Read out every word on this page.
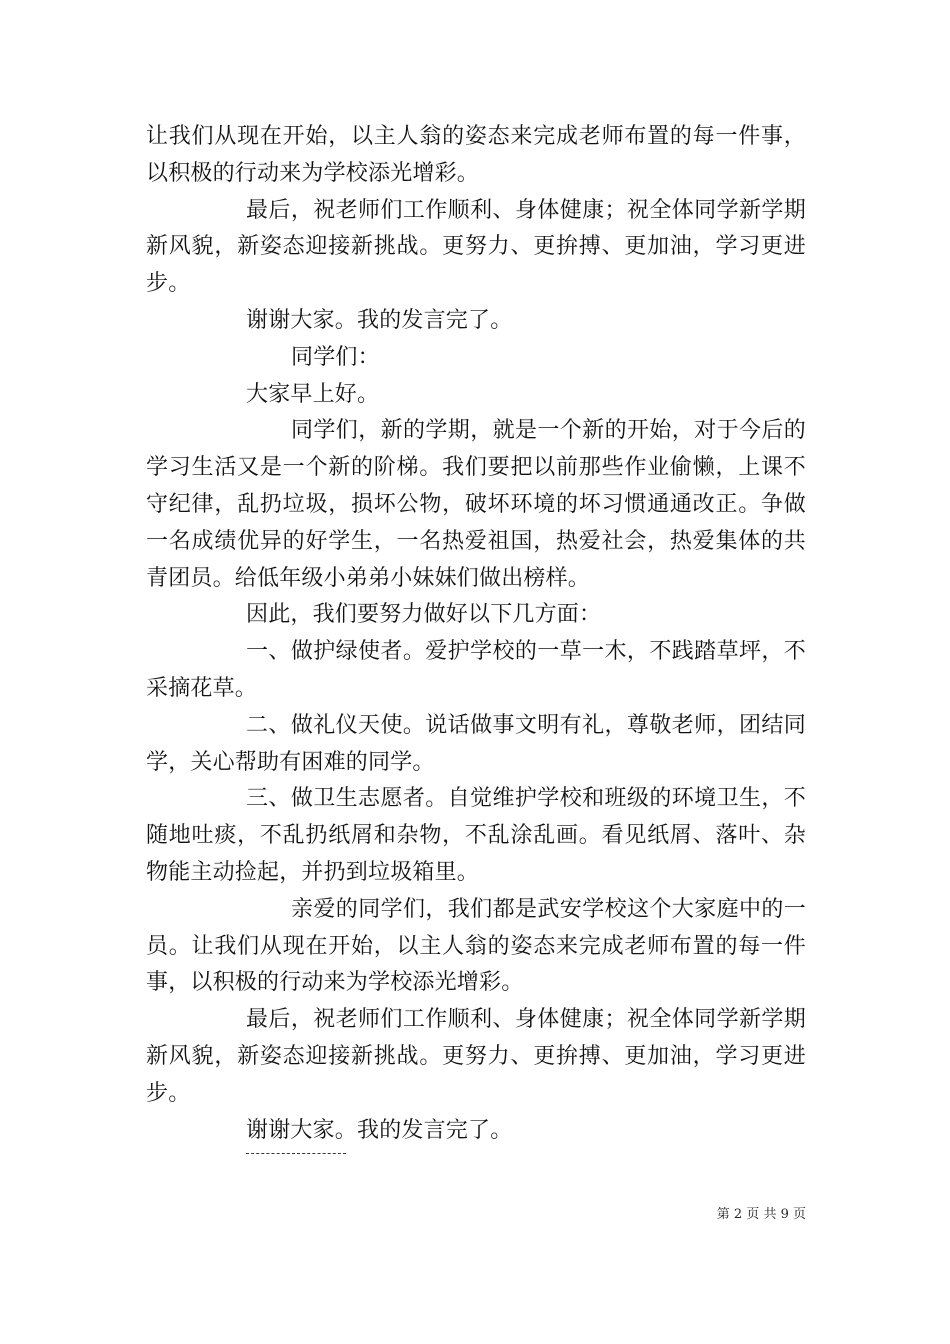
让我们从现在开始，以主人翁的姿态来完成老师布置的每一件事，以积极的行动来为学校添光增彩。

最后，祝老师们工作顺利、身体健康；祝全体同学新学期新风貌，新姿态迎接新挑战。更努力、更拚搏、更加油，学习更进步。

谢谢大家。我的发言完了。

同学们：

大家早上好。

同学们，新的学期，就是一个新的开始，对于今后的学习生活又是一个新的阶梯。我们要把以前那些作业偷懒，上课不守纪律，乱扔垃圾，损坏公物，破坏环境的坏习惯通通改正。争做一名成绩优异的好学生，一名热爱祖国，热爱社会，热爱集体的共青团员。给低年级小弟弟小妹妹们做出榜样。

因此，我们要努力做好以下几方面：

一、做护绿使者。爱护学校的一草一木，不践踏草坪，不采摘花草。

二、做礼仪天使。说话做事文明有礼，尊敬老师，团结同学，关心帮助有困难的同学。

三、做卫生志愿者。自觉维护学校和班级的环境卫生，不随地吐痰，不乱扔纸屑和杂物，不乱涂乱画。看见纸屑、落叶、杂物能主动捡起，并扔到垃圾箱里。

亲爱的同学们，我们都是武安学校这个大家庭中的一员。让我们从现在开始，以主人翁的姿态来完成老师布置的每一件事，以积极的行动来为学校添光增彩。

最后，祝老师们工作顺利、身体健康；祝全体同学新学期新风貌，新姿态迎接新挑战。更努力、更拚搏、更加油，学习更进步。

谢谢大家。我的发言完了。

第 2 页 共 9 页
